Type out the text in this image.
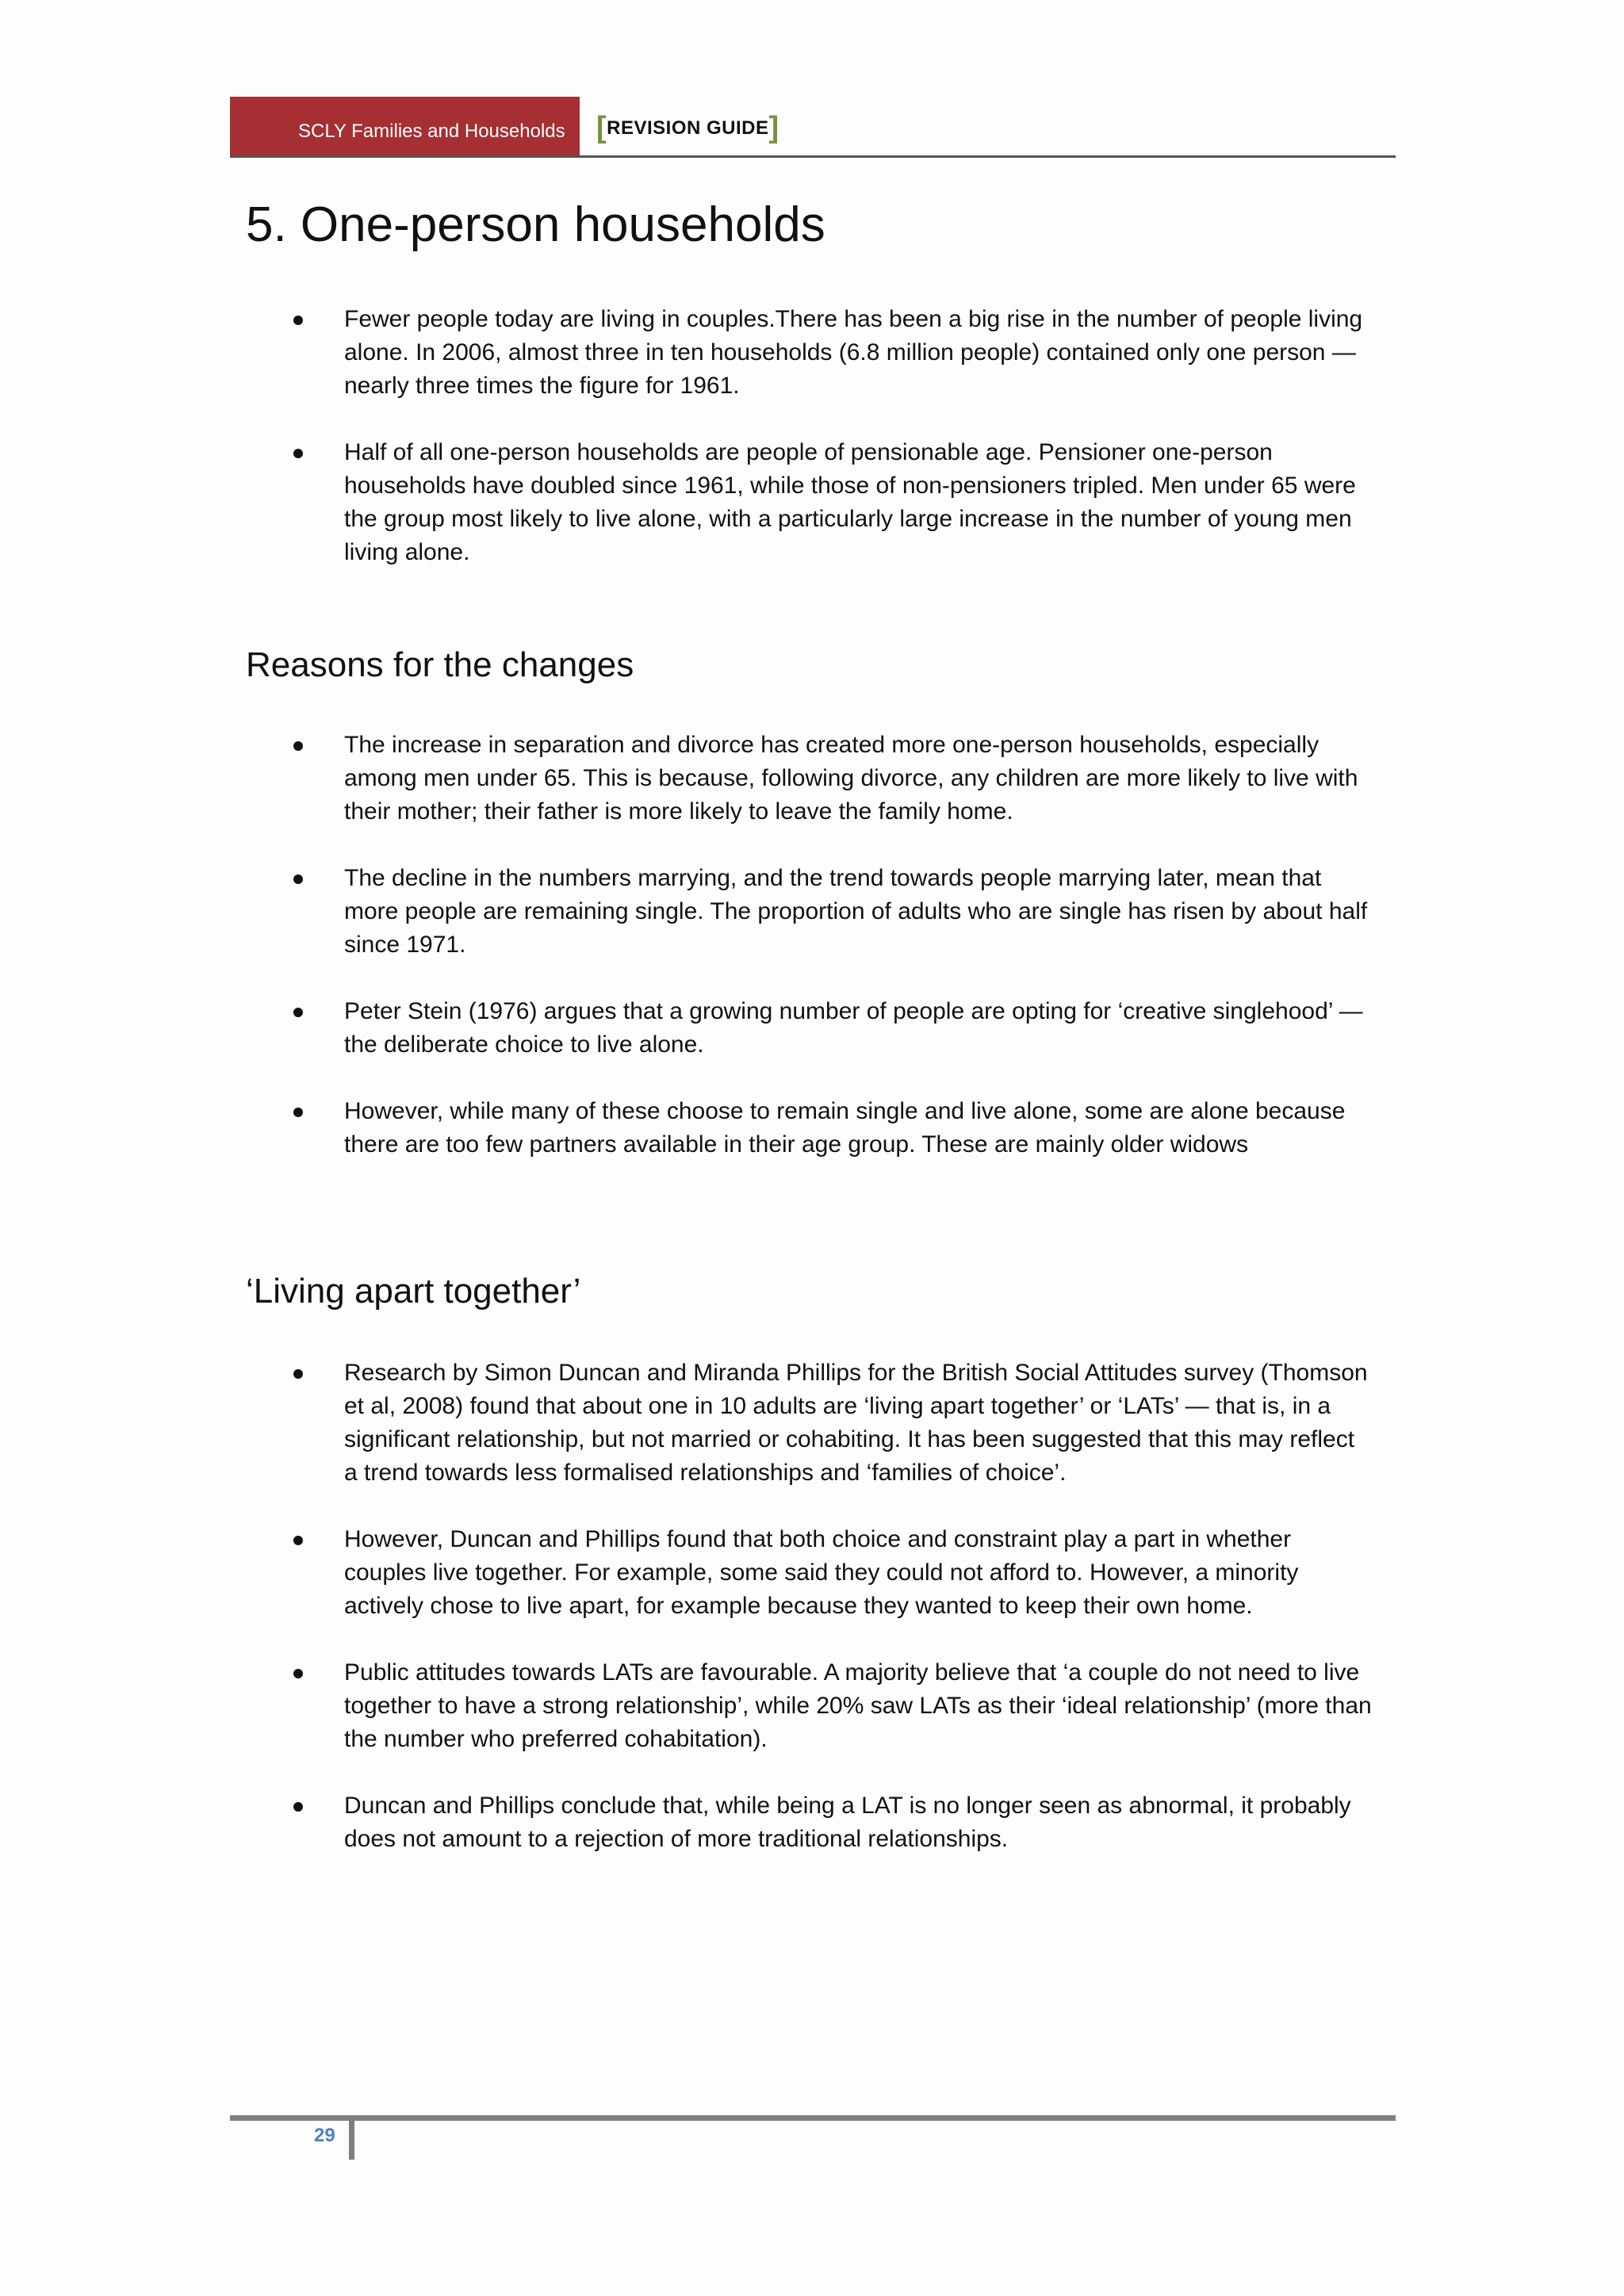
SCLY Families and Households	[REVISION GUIDE]
5. One-person households
Fewer people today are living in couples.There has been a big rise in the number of people living alone. In 2006, almost three in ten households (6.8 million people) contained only one person — nearly three times the figure for 1961.
Half of all one-person households are people of pensionable age. Pensioner one-person households have doubled since 1961, while those of non-pensioners tripled. Men under 65 were the group most likely to live alone, with a particularly large increase in the number of young men living alone.
Reasons for the changes
The increase in separation and divorce has created more one-person households, especially among men under 65. This is because, following divorce, any children are more likely to live with their mother; their father is more likely to leave the family home.
The decline in the numbers marrying, and the trend towards people marrying later, mean that more people are remaining single. The proportion of adults who are single has risen by about half since 1971.
Peter Stein (1976) argues that a growing number of people are opting for ‘creative singlehood’ — the deliberate choice to live alone.
However, while many of these choose to remain single and live alone, some are alone because there are too few partners available in their age group. These are mainly older widows
‘Living apart together’
Research by Simon Duncan and Miranda Phillips for the British Social Attitudes survey (Thomson et al, 2008) found that about one in 10 adults are ‘living apart together’ or ‘LATs’ — that is, in a significant relationship, but not married or cohabiting. It has been suggested that this may reflect a trend towards less formalised relationships and ‘families of choice’.
However, Duncan and Phillips found that both choice and constraint play a part in whether couples live together. For example, some said they could not afford to. However, a minority actively chose to live apart, for example because they wanted to keep their own home.
Public attitudes towards LATs are favourable. A majority believe that ‘a couple do not need to live together to have a strong relationship’, while 20% saw LATs as their ‘ideal relationship’ (more than the number who preferred cohabitation).
Duncan and Phillips conclude that, while being a LAT is no longer seen as abnormal, it probably does not amount to a rejection of more traditional relationships.
29
